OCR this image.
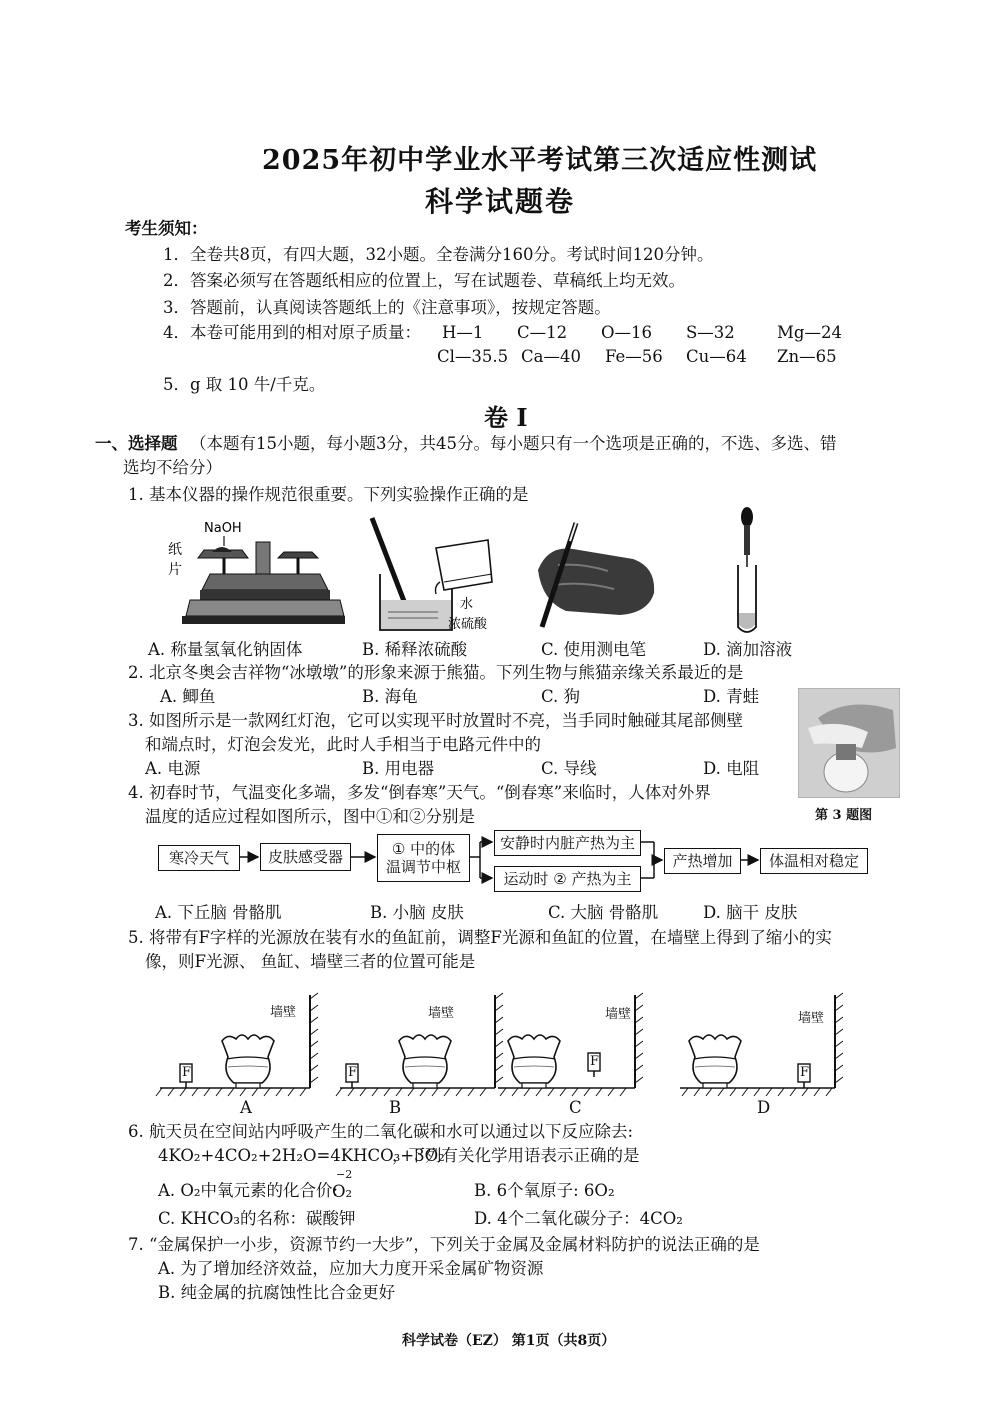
2025年初中学业水平考试第三次适应性测试
科学试题卷
考生须知：
1．全卷共8页，有四大题，32小题。全卷满分160分。考试时间120分钟。
2．答案必须写在答题纸相应的位置上，写在试题卷、草稿纸上均无效。
3．答题前，认真阅读答题纸上的《注意事项》，按规定答题。
4．本卷可能用到的相对原子质量： H—1 C—12 O—16 S—32	Mg—24
Cl—35.5 Ca—40 Fe—56 Cu—64 Zn—65
5．g 取 10 牛/千克。
卷 Ⅰ
一、选择题 （本题有15小题，每小题3分，共45分。每小题只有一个选项是正确的，不选、多选、错
选均不给分）
1. 基本仪器的操作规范很重要。下列实验操作正确的是
NaOH
纸
片
水
浓硫酸
A. 称量氢氧化钠固体	B. 稀释浓硫酸	C. 使用测电笔	D. 滴加溶液
2. 北京冬奥会吉祥物“冰墩墩”的形象来源于熊猫。下列生物与熊猫亲缘关系最近的是
A. 鲫鱼	B. 海龟	C. 狗	D. 青蛙
第 3 题图
3. 如图所示是一款网红灯泡，它可以实现平时放置时不亮，当手同时触碰其尾部侧壁
和端点时，灯泡会发光，此时人手相当于电路元件中的
A. 电源	B. 用电器	C. 导线	D. 电阻
4. 初春时节，气温变化多端，多发“倒春寒”天气。“倒春寒”来临时，人体对外界
温度的适应过程如图所示，图中①和②分别是
寒冷天气	皮肤感受器	① 中的体
温调节中枢
安静时内脏产热为主
运动时 ② 产热为主
产热增加	体温相对稳定
A. 下丘脑 骨骼肌	B. 小脑 皮肤	C. 大脑 骨骼肌	D. 脑干 皮肤
5. 将带有F字样的光源放在装有水的鱼缸前，调整F光源和鱼缸的位置，在墙壁上得到了缩小的实
像，则F光源、 鱼缸、墙壁三者的位置可能是
墙壁	墙壁	墙壁	墙壁
F	F
F
F
A	B	C	D
6. 航天员在空间站内呼吸产生的二氧化碳和水可以通过以下反应除去:
4KO₂+4CO₂+2H₂O=4KHCO₃+3O₂
，下列有关化学用语表示正确的是
A. O₂中氧元素的化合价:
−2
O₂	B. 6个氧原子: 6O₂
C. KHCO₃的名称：碳酸钾	D. 4个二氧化碳分子：4CO₂
7. “金属保护一小步，资源节约一大步”，下列关于金属及金属材料防护的说法正确的是
A. 为了增加经济效益，应加大力度开采金属矿物资源
B. 纯金属的抗腐蚀性比合金更好
科学试卷（EZ） 第1页（共8页）
